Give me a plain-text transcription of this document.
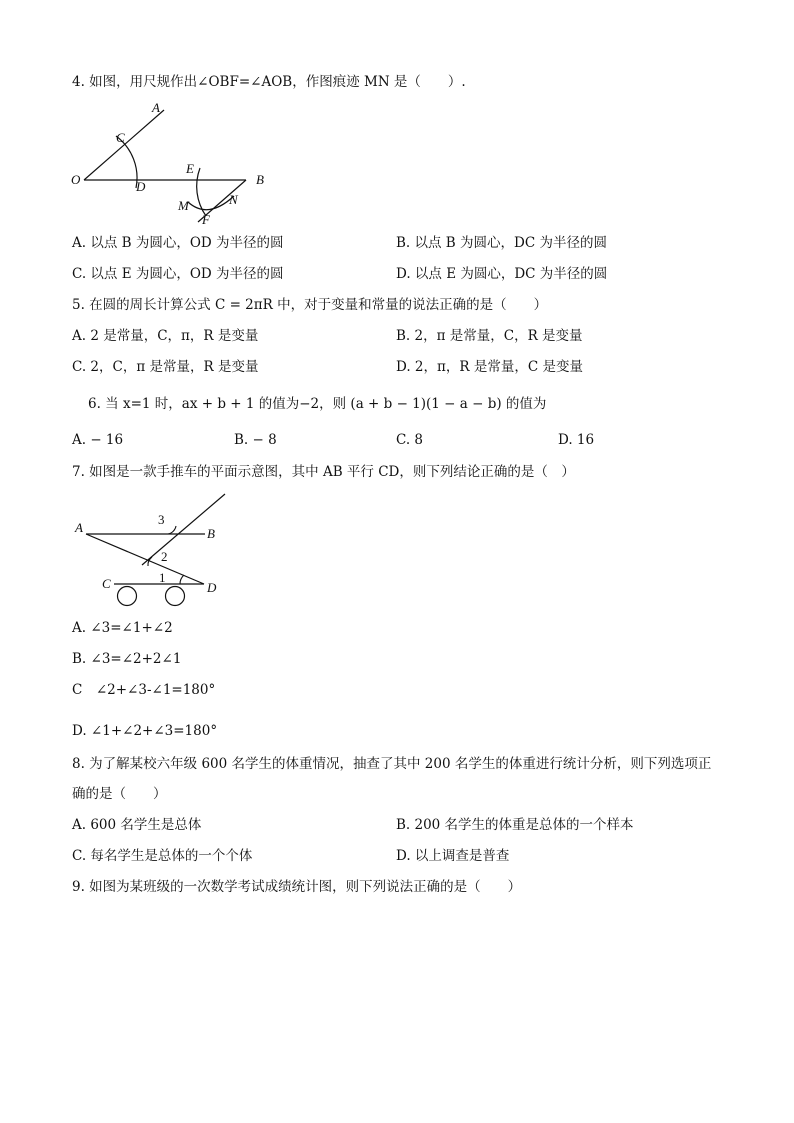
4. 如图，用尺规作出∠OBF=∠AOB，作图痕迹 MN 是（　　）.
A
C
O	D
E
B
M
F
N
A. 以点 B 为圆心，OD 为半径的圆	B. 以点 B 为圆心，DC 为半径的圆
C. 以点 E 为圆心，OD 为半径的圆	D. 以点 E 为圆心，DC 为半径的圆
5. 在圆的周长计算公式 C = 2πR 中，对于变量和常量的说法正确的是（　　）
A. 2 是常量，C，π，R 是变量	B. 2，π 是常量，C，R 是变量
C. 2，C，π 是常量，R 是变量	D. 2，π，R 是常量，C 是变量
6. 当 x=1 时，ax + b + 1 的值为−2，则 (a + b − 1)(1 − a − b) 的值为
A. − 16	B. − 8	C. 8	D. 16
7. 如图是一款手推车的平面示意图，其中 AB 平行 CD，则下列结论正确的是（　）
A	B
C	D
3
2
1
A. ∠3=∠1+∠2
B. ∠3=∠2+2∠1
C　∠2+∠3-∠1=180°
D. ∠1+∠2+∠3=180°
8. 为了解某校六年级 600 名学生的体重情况，抽查了其中 200 名学生的体重进行统计分析，则下列选项正
确的是（　　）
A. 600 名学生是总体	B. 200 名学生的体重是总体的一个样本
C. 每名学生是总体的一个个体	D. 以上调查是普查
9. 如图为某班级的一次数学考试成绩统计图，则下列说法正确的是（　　）
